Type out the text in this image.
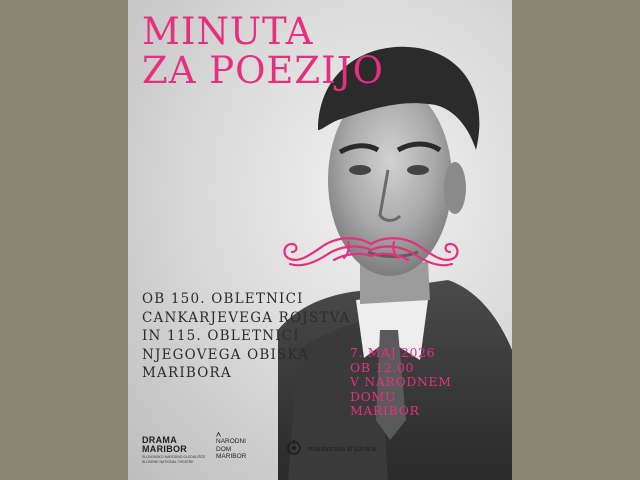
MINUTA
ZA POEZIJO
OB 150. OBLETNICI
CANKARJEVEGA ROJSTVA
IN 115. OBLETNICI
NJEGOVEGA OBISKA
MARIBORA
7. MAJ 2026
OB 12.00
V NARODNEM
DOMU
MARIBOR
DRAMA
MARIBOR
SLOVENSKO NARODNO GLEDALIŠČE
SLOVENE NATIONAL THEATRE
NARODNI
DOM
MARIBOR
mariborska knjižnica
